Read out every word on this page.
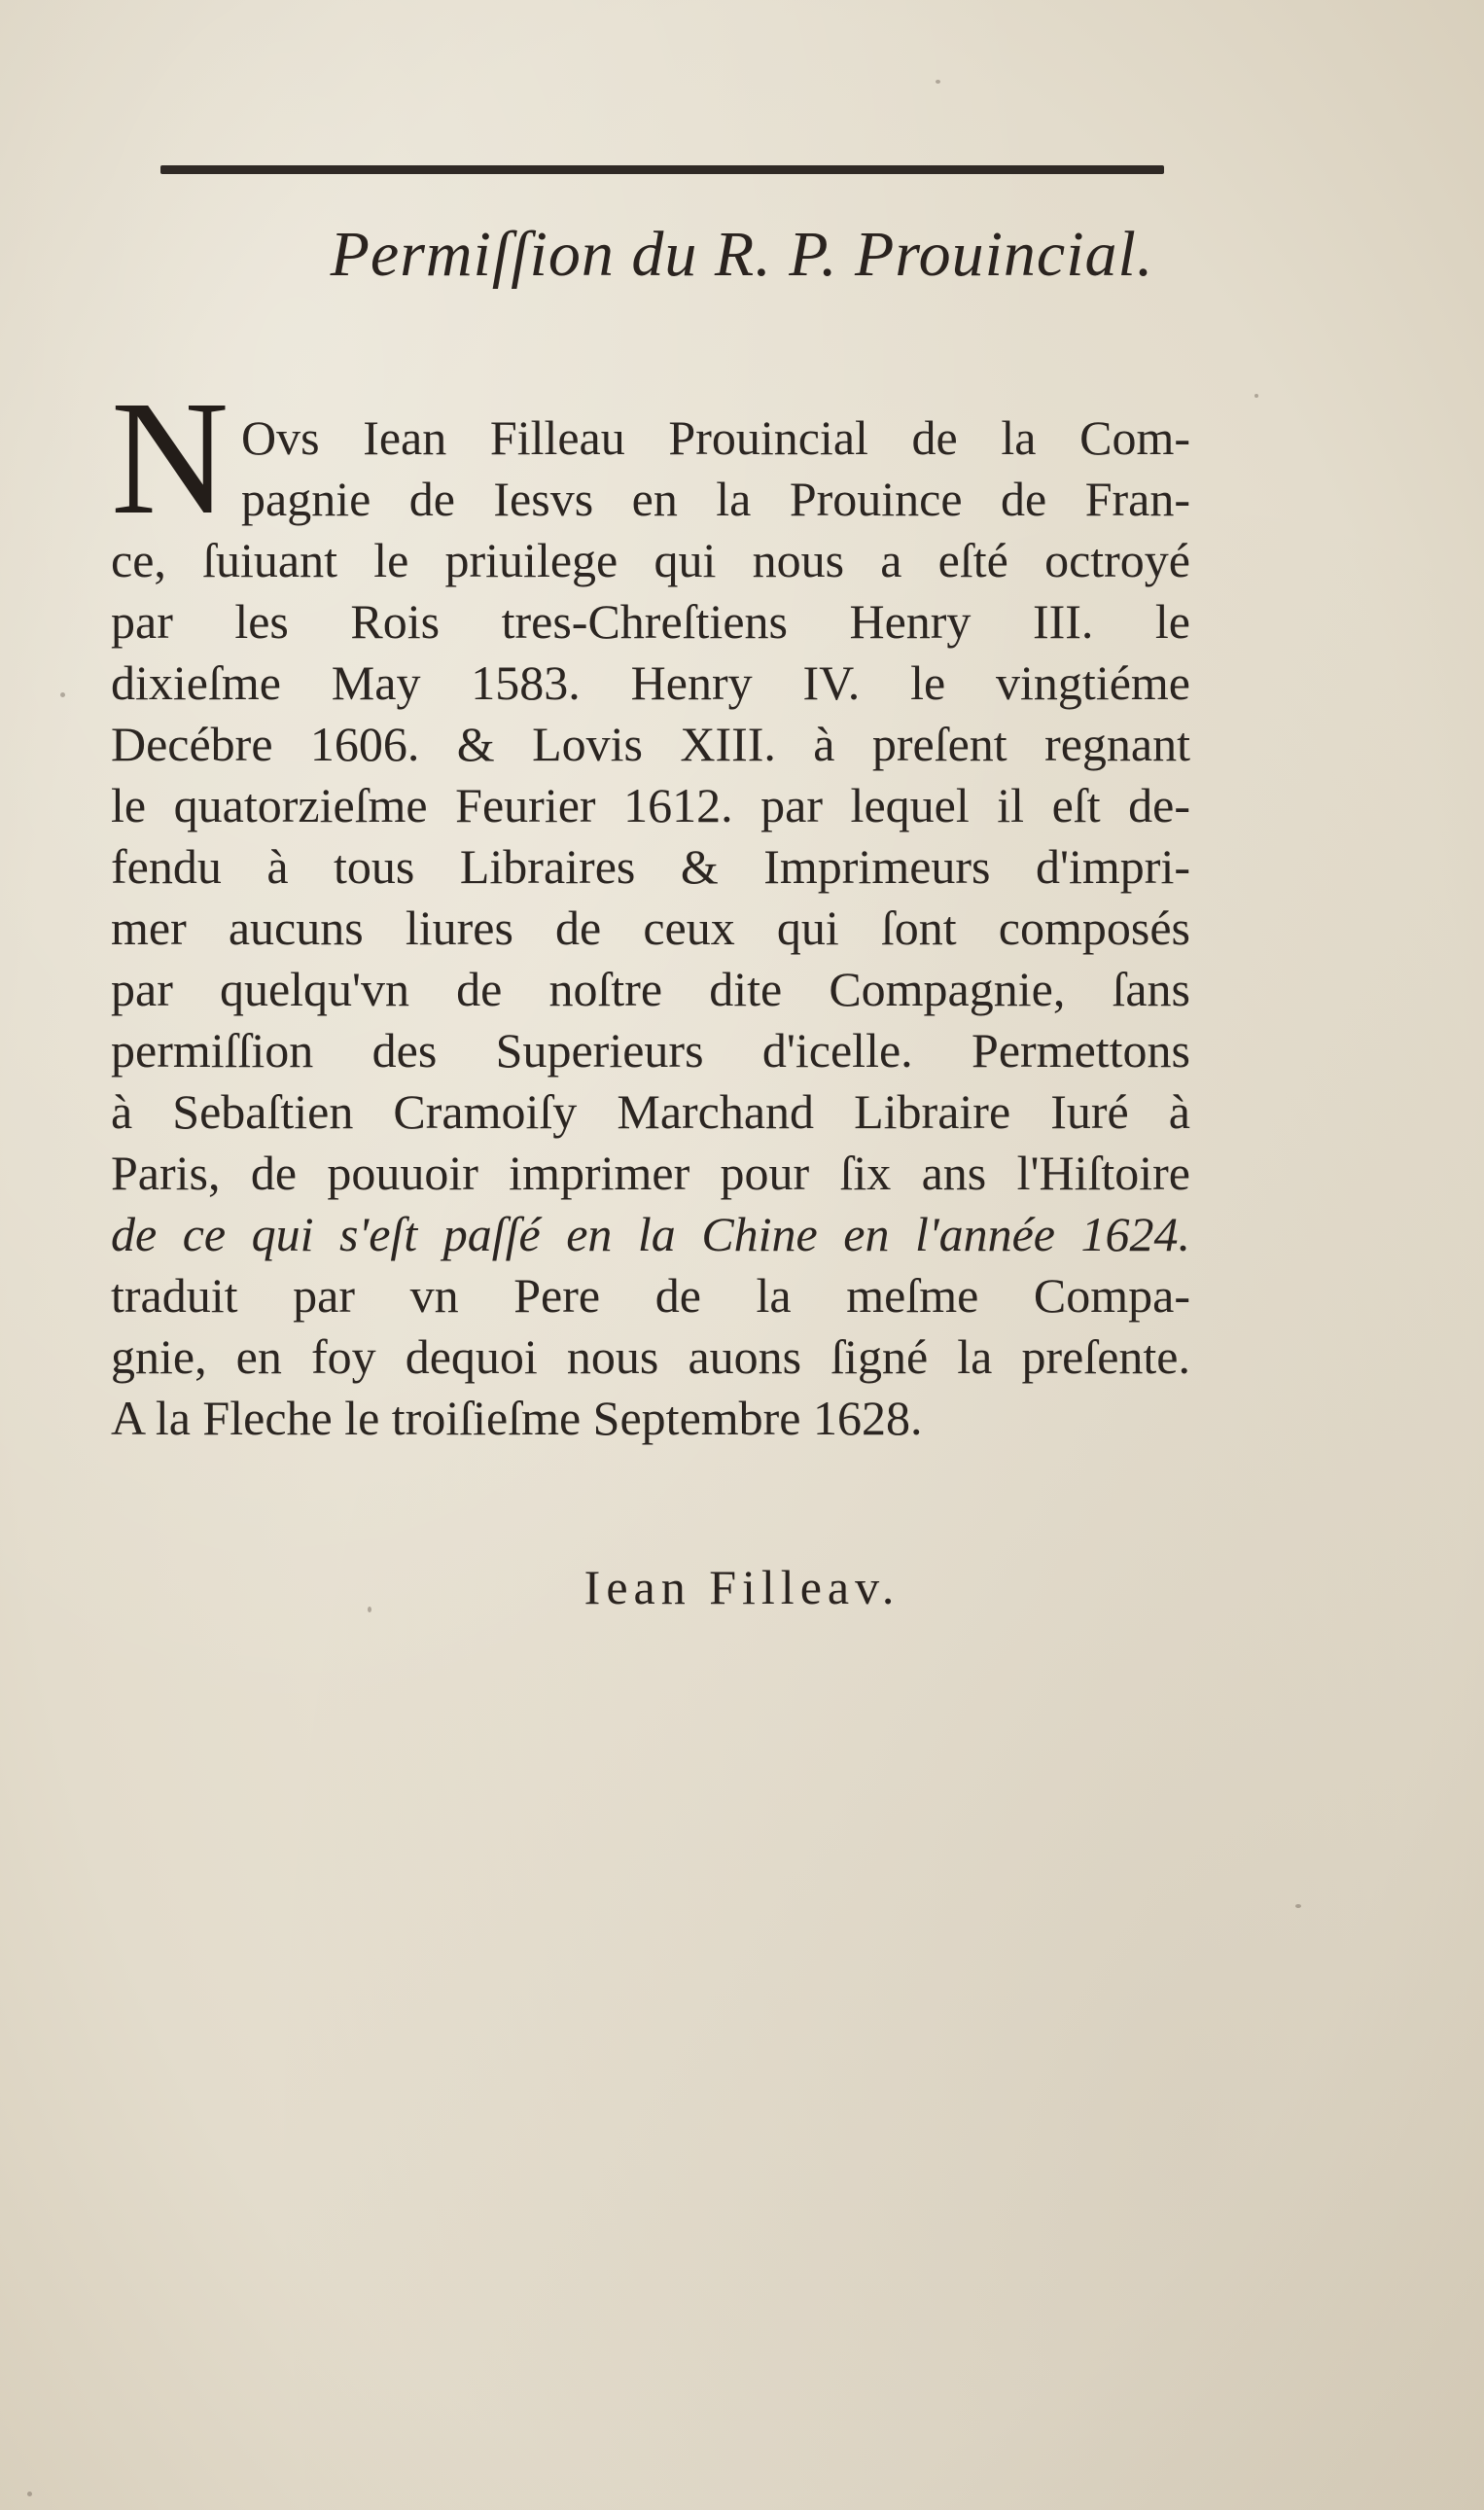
Permiſſion du R. P. Prouincial.
N Ovs Iean Filleau Prouincial de la Com-
pagnie de Iesvs en la Prouince de Fran-
ce, ſuiuant le priuilege qui nous a eſté octroyé
par les Rois tres-Chreſtiens Henry III. le
dixieſme May 1583. Henry IV. le vingtiéme
Decébre 1606. & Lovis XIII. à preſent regnant
le quatorzieſme Feurier 1612. par lequel il eſt de-
fendu à tous Libraires & Imprimeurs d'impri-
mer aucuns liures de ceux qui ſont composés
par quelqu'vn de noſtre dite Compagnie, ſans
permiſſion des Superieurs d'icelle. Permettons
à Sebaſtien Cramoiſy Marchand Libraire Iuré à
Paris, de pouuoir imprimer pour ſix ans l'Hiſtoire
de ce qui s'eſt paſſé en la Chine en l'année 1624.
traduit par vn Pere de la meſme Compa-
gnie, en foy dequoi nous auons ſigné la preſente.
A la Fleche le troiſieſme Septembre 1628.
Iean Filleav.
